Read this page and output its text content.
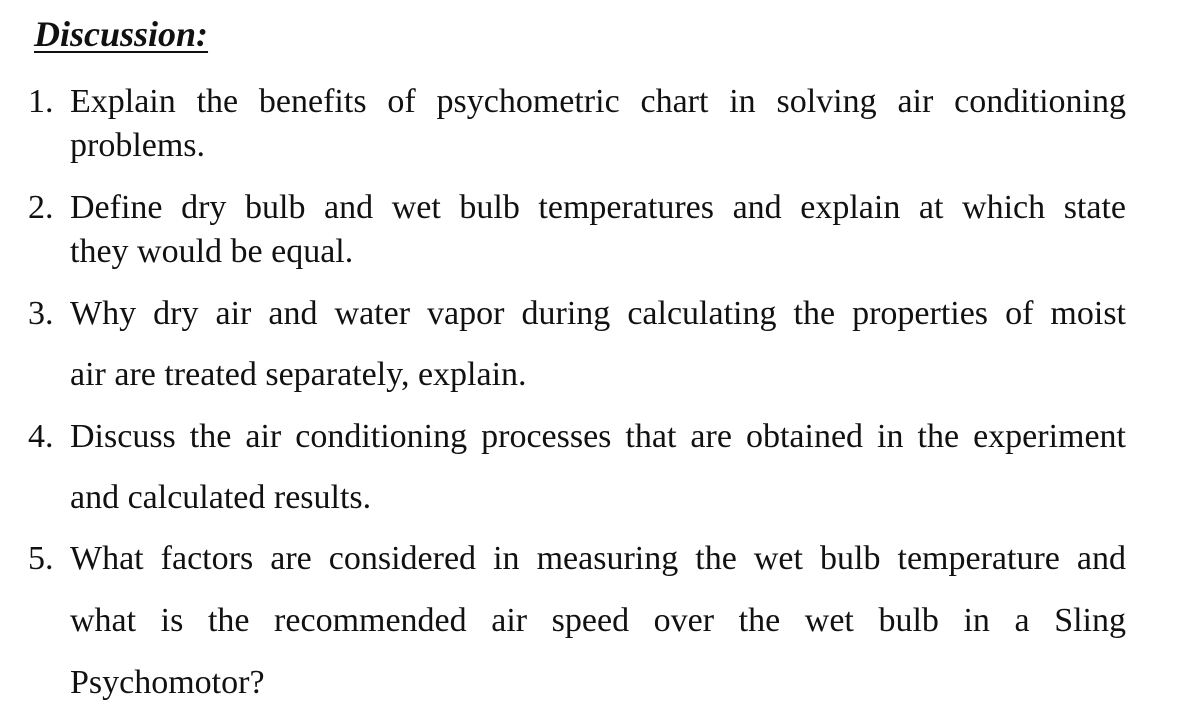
Discussion:
1. Explain the benefits of psychometric chart in solving air conditioning
problems.
2. Define dry bulb and wet bulb temperatures and explain at which state
they would be equal.
3. Why dry air and water vapor during calculating the properties of moist
air are treated separately, explain.
4. Discuss the air conditioning processes that are obtained in the experiment
and calculated results.
5. What factors are considered in measuring the wet bulb temperature and
what is the recommended air speed over the wet bulb in a Sling
Psychomotor?
